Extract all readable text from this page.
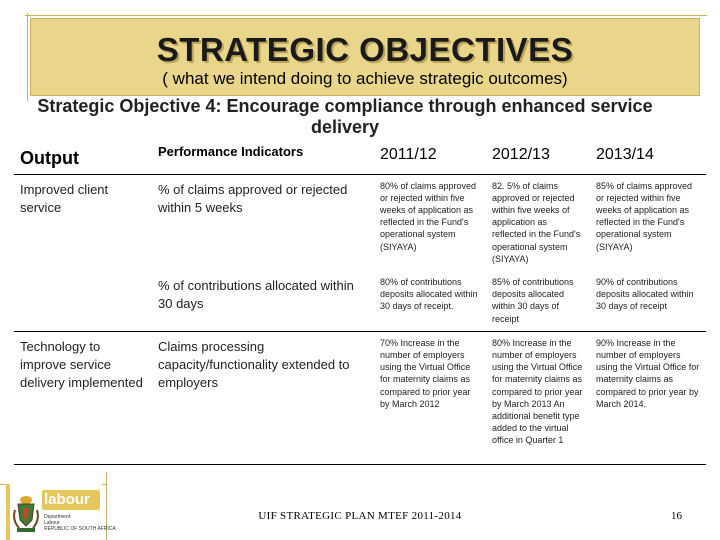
STRATEGIC OBJECTIVES
( what we intend doing to achieve strategic outcomes)
Strategic Objective 4: Encourage compliance through enhanced service delivery
Output	Performance Indicators	2011/12	2012/13	2013/14
Improved client service	% of claims approved or rejected within 5 weeks	80% of claims approved or rejected within five weeks of application as reflected in the Fund's operational system (SIYAYA)	82. 5% of claims approved or rejected within five weeks of application as reflected in the Fund's operational system (SIYAYA)	85% of claims approved or rejected within five weeks of application as reflected in the Fund's operational system (SIYAYA)
	% of contributions allocated within 30 days	80% of contributions deposits allocated within 30 days of receipt.	85% of contributions deposits allocated within 30 days of receipt	90% of contributions deposits allocated within 30 days of receipt
Technology to improve service delivery implemented	Claims processing capacity/functionality extended to employers	70% Increase in the number of employers using the Virtual Office for maternity claims as compared to prior year by March 2012	80% Increase in the number of employers using the Virtual Office for maternity claims as compared to prior year by March 2013 An additional benefit type added to the virtual office in Quarter 1	90% Increase in the number of employers using the Virtual Office for maternity claims as compared to prior year by March 2014.
labour
Department:
Labour
REPUBLIC OF SOUTH AFRICA
UIF STRATEGIC PLAN MTEF 2011-2014	16
